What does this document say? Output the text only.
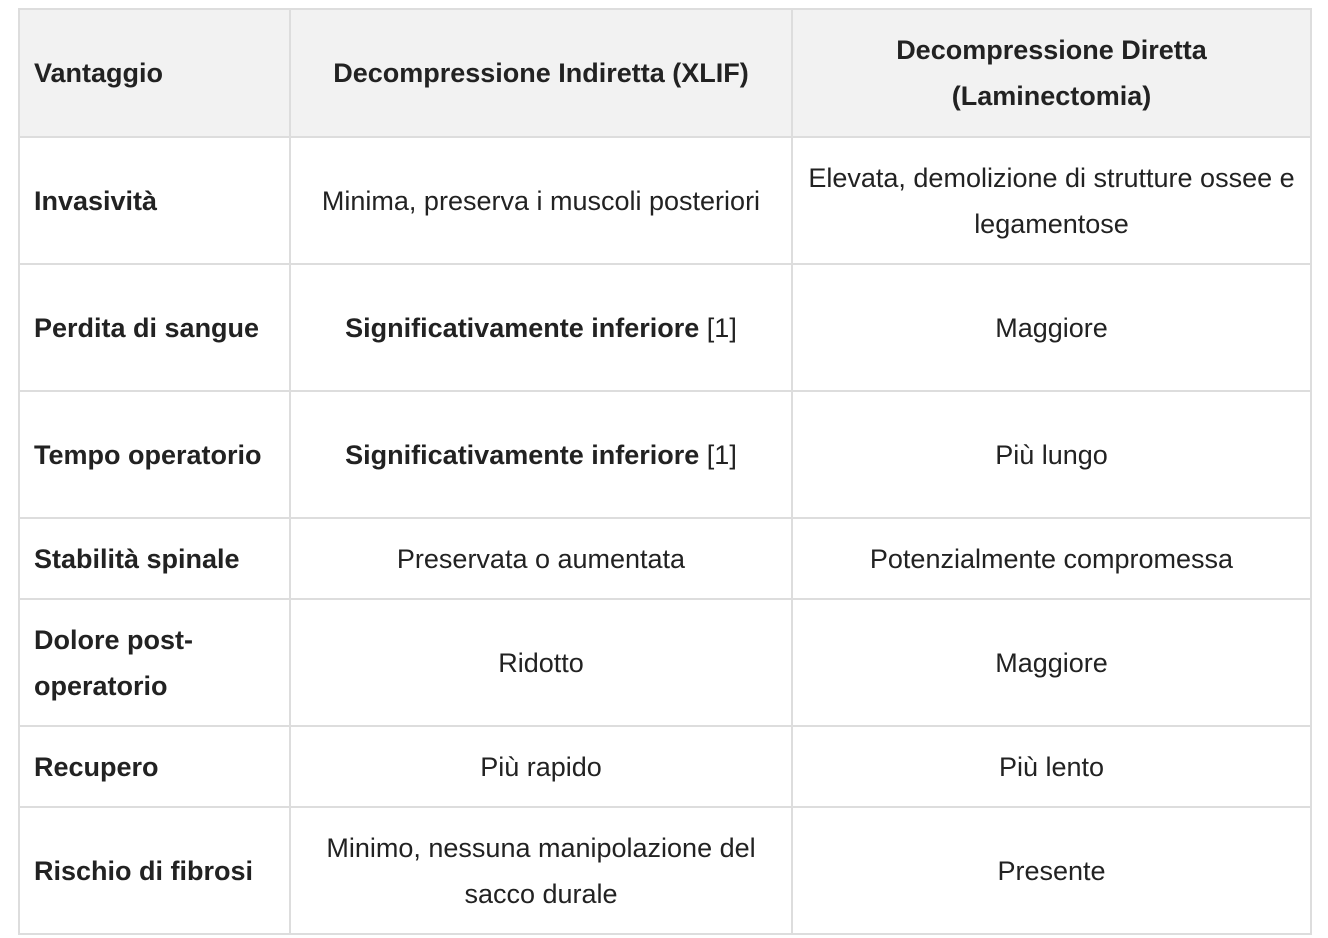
Vantaggio	Decompressione Indiretta (XLIF)	Decompressione Diretta (Laminectomia)
Invasività	Minima, preserva i muscoli posteriori	Elevata, demolizione di strutture ossee e legamentose
Perdita di sangue	Significativamente inferiore [1]	Maggiore
Tempo operatorio	Significativamente inferiore [1]	Più lungo
Stabilità spinale	Preservata o aumentata	Potenzialmente compromessa
Dolore post-operatorio	Ridotto	Maggiore
Recupero	Più rapido	Più lento
Rischio di fibrosi	Minimo, nessuna manipolazione del sacco durale	Presente
